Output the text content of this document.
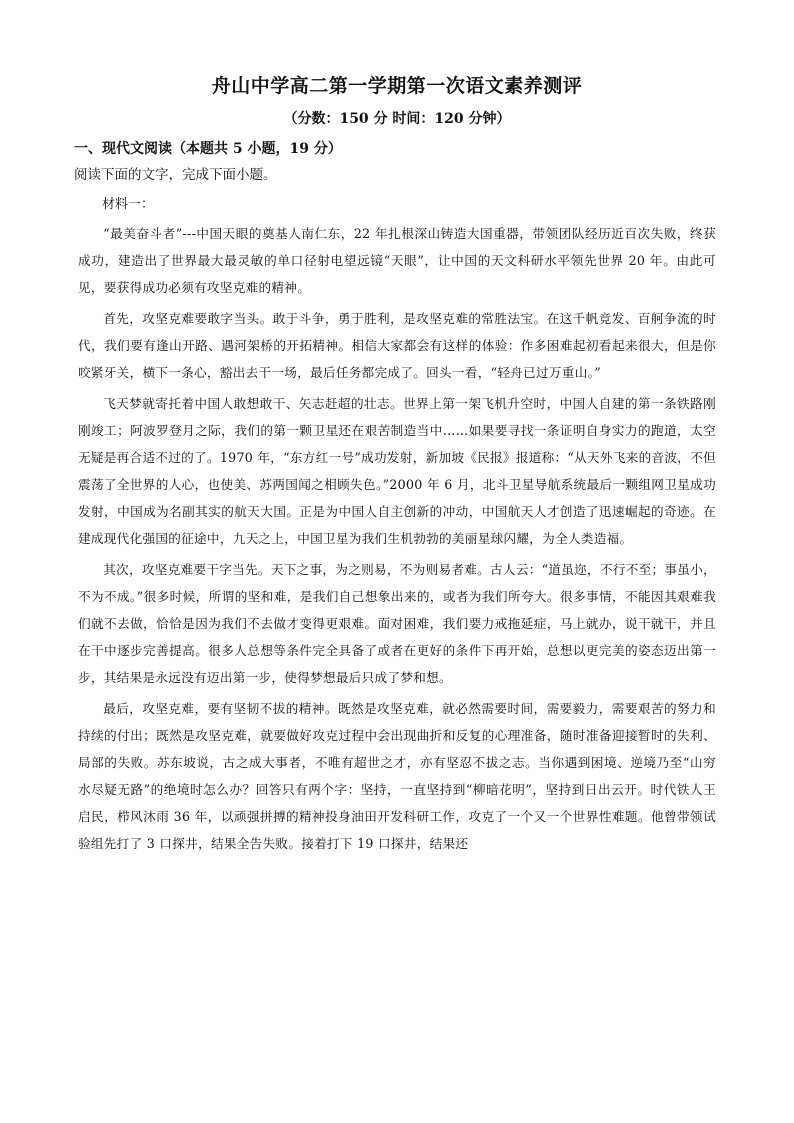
舟山中学高二第一学期第一次语文素养测评
（分数：150 分 时间：120 分钟）
一、现代文阅读（本题共 5 小题，19 分）
阅读下面的文字，完成下面小题。
材料一：

“最美奋斗者”---中国天眼的奠基人南仁东，22 年扎根深山铸造大国重器，带领团队经历近百次失败，终获成功，建造出了世界最大最灵敏的单口径射电望远镜“天眼”，让中国的天文科研水平领先世界 20 年。由此可见，要获得成功必须有攻坚克难的精神。

首先，攻坚克难要敢字当头。敢于斗争，勇于胜利，是攻坚克难的常胜法宝。在这千帆竞发、百舸争流的时代，我们要有逢山开路、遇河架桥的开拓精神。相信大家都会有这样的体验：作多困难起初看起来很大，但是你咬紧牙关，横下一条心，豁出去干一场，最后任务都完成了。回头一看，“轻舟已过万重山。”

飞天梦就寄托着中国人敢想敢干、矢志赶超的壮志。世界上第一架飞机升空时，中国人自建的第一条铁路刚刚竣工；阿波罗登月之际，我们的第一颗卫星还在艰苦制造当中……如果要寻找一条证明自身实力的跑道，太空无疑是再合适不过的了。1970 年，“东方红一号”成功发射，新加坡《民报》报道称：“从天外飞来的音波，不但震荡了全世界的人心，也使美、苏两国闻之相顾失色。”2000 年 6 月，北斗卫星导航系统最后一颗组网卫星成功发射，中国成为名副其实的航天大国。正是为中国人自主创新的冲动，中国航天人才创造了迅速崛起的奇迹。在建成现代化强国的征途中，九天之上，中国卫星为我们生机勃勃的美丽星球闪耀，为全人类造福。

其次，攻坚克难要干字当先。天下之事，为之则易，不为则易者难。古人云：“道虽迩，不行不至；事虽小，不为不成。”很多时候，所谓的坚和难，是我们自己想象出来的，或者为我们所夸大。很多事情，不能因其艰难我们就不去做，恰恰是因为我们不去做才变得更艰难。面对困难，我们要力戒拖延症，马上就办，说干就干，并且在干中逐步完善提高。很多人总想等条件完全具备了或者在更好的条件下再开始，总想以更完美的姿态迈出第一步，其结果是永远没有迈出第一步，使得梦想最后只成了梦和想。

最后，攻坚克难，要有坚韧不拔的精神。既然是攻坚克难，就必然需要时间，需要毅力，需要艰苦的努力和持续的付出；既然是攻坚克难，就要做好攻克过程中会出现曲折和反复的心理准备，随时准备迎接暂时的失利、局部的失败。苏东坡说，古之成大事者，不唯有超世之才，亦有坚忍不拔之志。当你遇到困境、逆境乃至“山穷水尽疑无路”的绝境时怎么办？回答只有两个字：坚持，一直坚持到“柳暗花明”，坚持到日出云开。时代铁人王启民，栉风沐雨 36 年，以顽强拼搏的精神投身油田开发科研工作，攻克了一个又一个世界性难题。他曾带领试验组先打了 3 口探井，结果全告失败。接着打下 19 口探井，结果还
